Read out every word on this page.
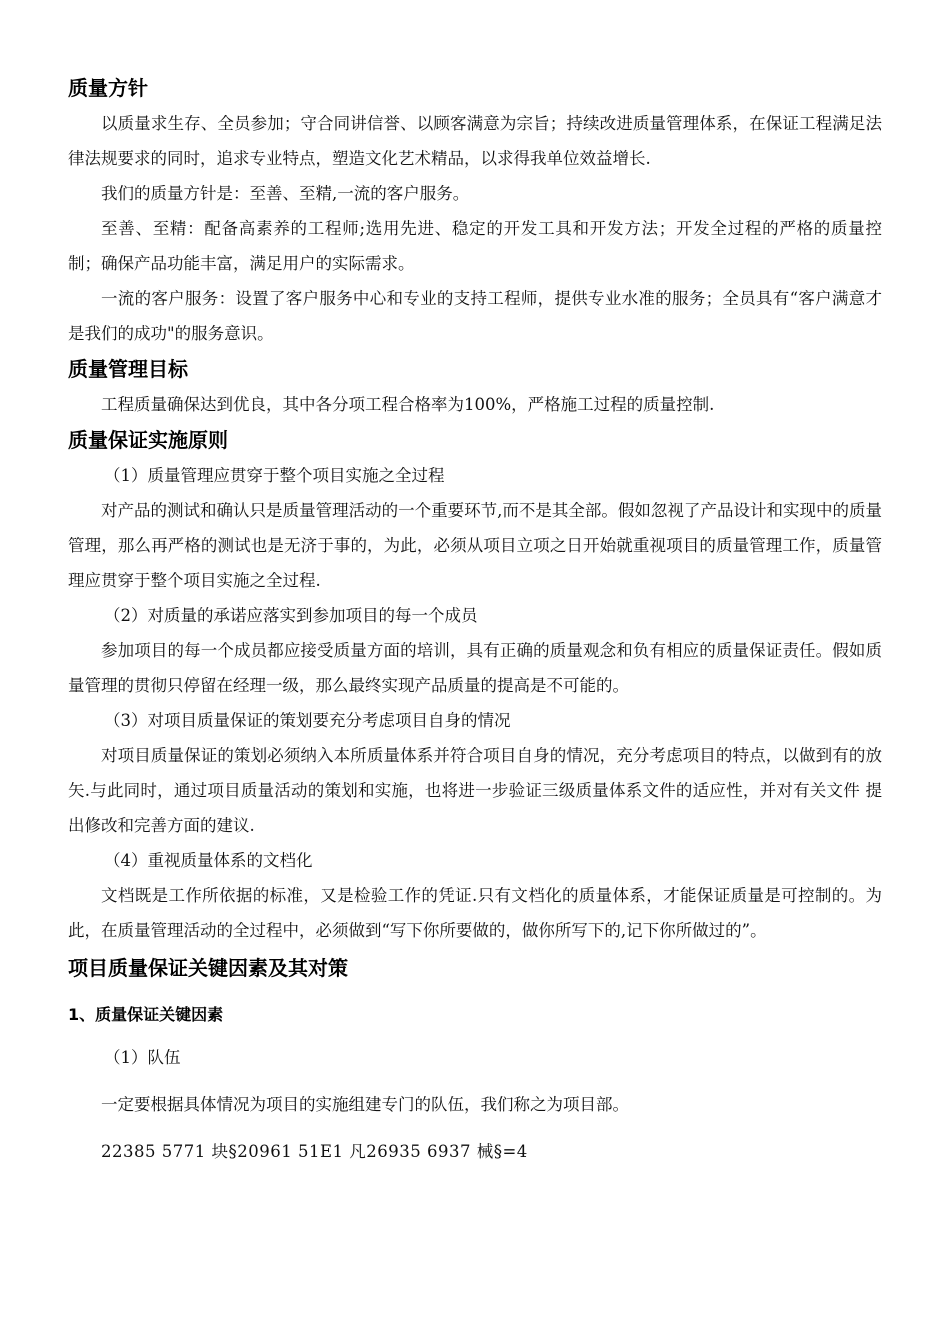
质量方针

以质量求生存、全员参加；守合同讲信誉、以顾客满意为宗旨；持续改进质量管理体系，在保证工程满足法律法规要求的同时，追求专业特点，塑造文化艺术精品，以求得我单位效益增长.

我们的质量方针是：至善、至精,一流的客户服务。

至善、至精：配备高素养的工程师;选用先进、稳定的开发工具和开发方法；开发全过程的严格的质量控制；确保产品功能丰富，满足用户的实际需求。

一流的客户服务：设置了客户服务中心和专业的支持工程师，提供专业水准的服务；全员具有“客户满意才是我们的成功"的服务意识。

质量管理目标

工程质量确保达到优良，其中各分项工程合格率为100%，严格施工过程的质量控制.

质量保证实施原则

（1）质量管理应贯穿于整个项目实施之全过程

对产品的测试和确认只是质量管理活动的一个重要环节,而不是其全部。假如忽视了产品设计和实现中的质量管理，那么再严格的测试也是无济于事的，为此，必须从项目立项之日开始就重视项目的质量管理工作，质量管理应贯穿于整个项目实施之全过程.

（2）对质量的承诺应落实到参加项目的每一个成员

参加项目的每一个成员都应接受质量方面的培训，具有正确的质量观念和负有相应的质量保证责任。假如质量管理的贯彻只停留在经理一级，那么最终实现产品质量的提高是不可能的。

（3）对项目质量保证的策划要充分考虑项目自身的情况

对项目质量保证的策划必须纳入本所质量体系并符合项目自身的情况，充分考虑项目的特点，以做到有的放矢.与此同时，通过项目质量活动的策划和实施，也将进一步验证三级质量体系文件的适应性，并对有关文件 提出修改和完善方面的建议.

（4）重视质量体系的文档化

文档既是工作所依据的标准，又是检验工作的凭证.只有文档化的质量体系，才能保证质量是可控制的。为此，在质量管理活动的全过程中，必须做到“写下你所要做的，做你所写下的,记下你所做过的”。

项目质量保证关键因素及其对策
1、质量保证关键因素

（1）队伍

一定要根据具体情况为项目的实施组建专门的队伍，我们称之为项目部。

22385 5771 块§20961 51E1 凡26935 6937 械§=4
